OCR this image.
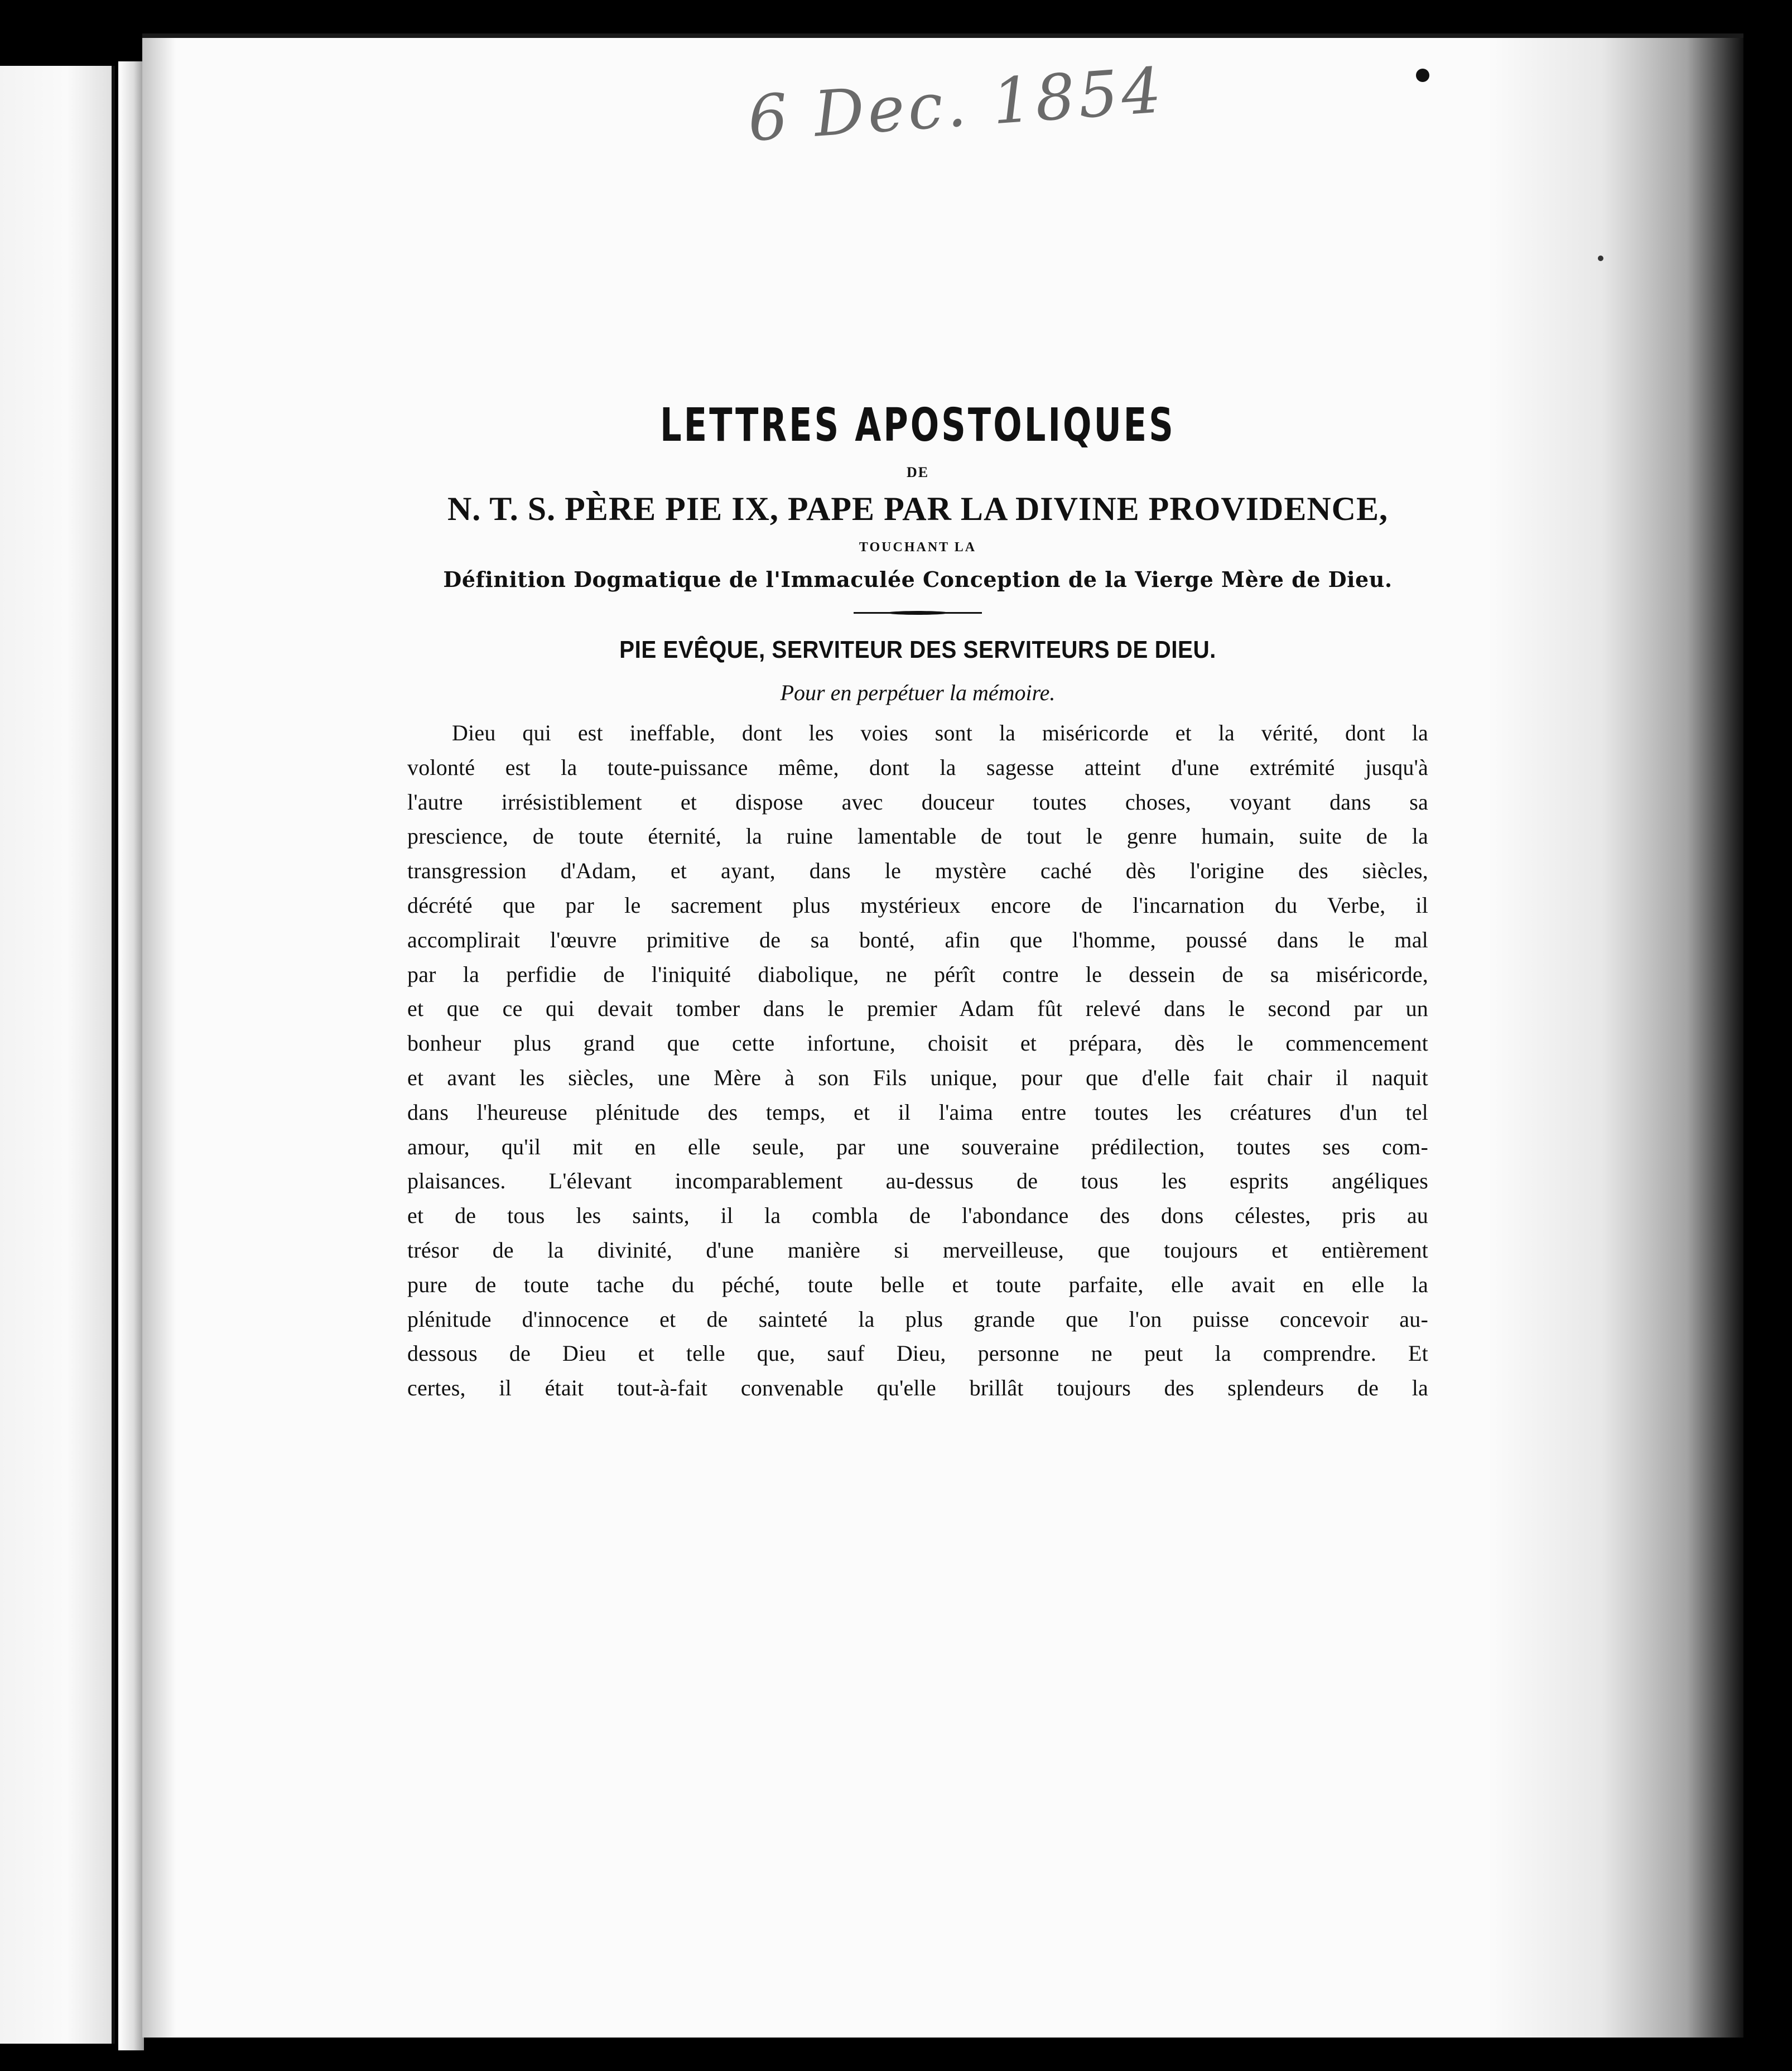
6 Dec. 1854
LETTRES APOSTOLIQUES
DE
N. T. S. PÈRE PIE IX, PAPE PAR LA DIVINE PROVIDENCE,
TOUCHANT LA
Définition Dogmatique de l'Immaculée Conception de la Vierge Mère de Dieu.
PIE EVÊQUE, SERVITEUR DES SERVITEURS DE DIEU.
Pour en perpétuer la mémoire.
Dieu qui est ineffable, dont les voies sont la miséricorde et la vérité, dont la
volonté est la toute-puissance même, dont la sagesse atteint d'une extrémité jusqu'à
l'autre irrésistiblement et dispose avec douceur toutes choses, voyant dans sa
prescience, de toute éternité, la ruine lamentable de tout le genre humain, suite de la
transgression d'Adam, et ayant, dans le mystère caché dès l'origine des siècles,
décrété que par le sacrement plus mystérieux encore de l'incarnation du Verbe, il
accomplirait l'œuvre primitive de sa bonté, afin que l'homme, poussé dans le mal
par la perfidie de l'iniquité diabolique, ne pérît contre le dessein de sa miséricorde,
et que ce qui devait tomber dans le premier Adam fût relevé dans le second par un
bonheur plus grand que cette infortune, choisit et prépara, dès le commencement
et avant les siècles, une Mère à son Fils unique, pour que d'elle fait chair il naquit
dans l'heureuse plénitude des temps, et il l'aima entre toutes les créatures d'un tel
amour, qu'il mit en elle seule, par une souveraine prédilection, toutes ses com-
plaisances. L'élevant incomparablement au-dessus de tous les esprits angéliques
et de tous les saints, il la combla de l'abondance des dons célestes, pris au
trésor de la divinité, d'une manière si merveilleuse, que toujours et entièrement
pure de toute tache du péché, toute belle et toute parfaite, elle avait en elle la
plénitude d'innocence et de sainteté la plus grande que l'on puisse concevoir au-
dessous de Dieu et telle que, sauf Dieu, personne ne peut la comprendre. Et
certes, il était tout-à-fait convenable qu'elle brillât toujours des splendeurs de la
